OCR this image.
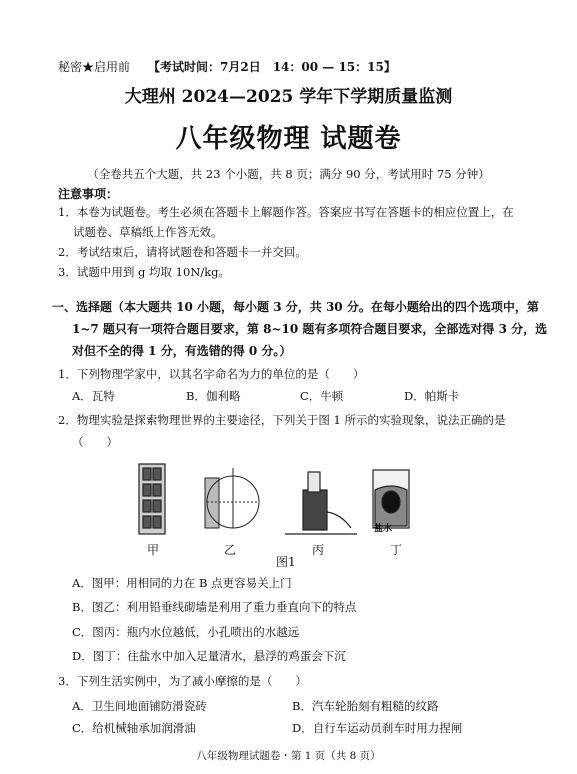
秘密★启用前 【考试时间：7月2日　14：00 — 15：15】
大理州 2024—2025 学年下学期质量监测
八年级物理 试题卷
（全卷共五个大题，共 23 个小题，共 8 页；满分 90 分，考试用时 75 分钟）
注意事项：
1．本卷为试题卷。考生必须在答题卡上解题作答。答案应书写在答题卡的相应位置上，在
试题卷、草稿纸上作答无效。
2．考试结束后，请将试题卷和答题卡一并交回。
3．试题中用到 g 均取 10N/kg。
一、选择题（本大题共 10 小题，每小题 3 分，共 30 分。在每小题给出的四个选项中，第
1~7 题只有一项符合题目要求，第 8~10 题有多项符合题目要求，全部选对得 3 分，选
对但不全的得 1 分，有选错的得 0 分。）
1．下列物理学家中，以其名字命名为力的单位的是（　　）
A．瓦特	B．伽利略	C．牛顿	D．帕斯卡
2．物理实验是探索物理世界的主要途径，下列关于图 1 所示的实验现象，说法正确的是
（　　）
甲	乙	丙	丁
盐水
图1
A．图甲：用相同的力在 B 点更容易关上门
B．图乙：利用铅垂线砌墙是利用了重力垂直向下的特点
C．图丙：瓶内水位越低，小孔喷出的水越远
D．图丁：往盐水中加入足量清水，悬浮的鸡蛋会下沉
3．下列生活实例中，为了减小摩擦的是（　　）
A．卫生间地面铺防滑瓷砖	B．汽车轮胎刻有粗糙的纹路
C．给机械轴承加润滑油	D．自行车运动员刹车时用力捏闸
八年级物理试题卷・第 1 页（共 8 页）
